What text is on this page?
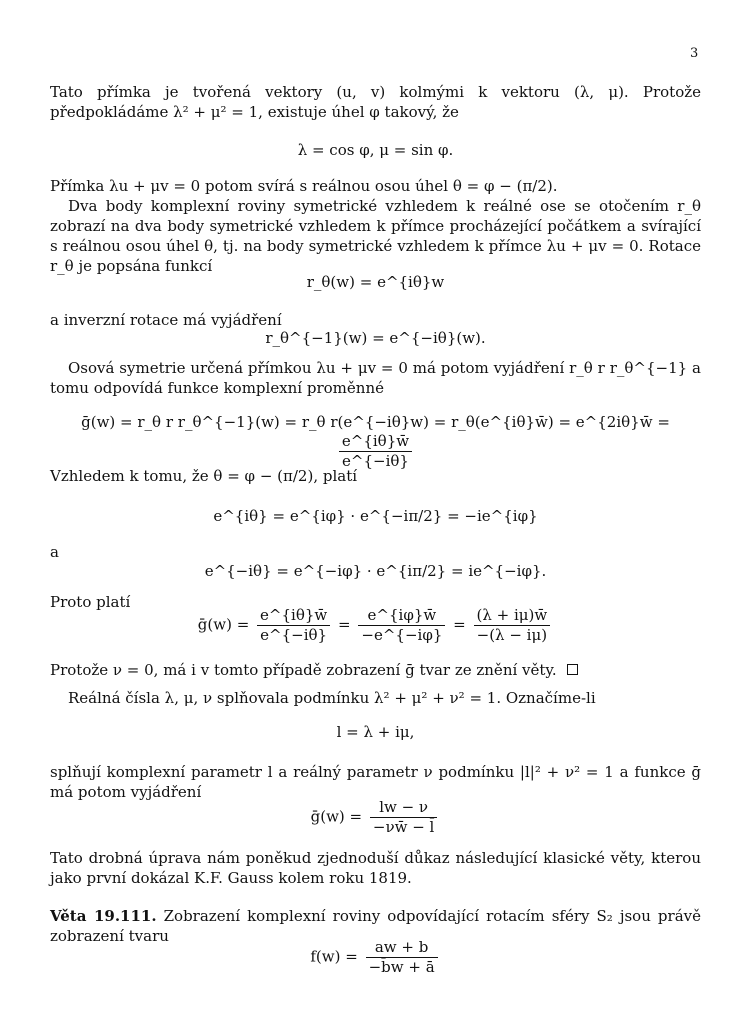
3
Tato přímka je tvořená vektory (u, v) kolmými k vektoru (λ, μ). Protože předpokládáme λ² + μ² = 1, existuje úhel φ takový, že
λ = cos φ, μ = sin φ.
Přímka λu + μv = 0 potom svírá s reálnou osou úhel θ = φ − (π/2).
Dva body komplexní roviny symetrické vzhledem k reálné ose se otočením r_θ zobrazí na dva body symetrické vzhledem k přímce procházející počátkem a svírající s reálnou osou úhel θ, tj. na body symetrické vzhledem k přímce λu + μv = 0. Rotace r_θ je popsána funkcí
r_θ(w) = e^{iθ}w
a inverzní rotace má vyjádření
r_θ^{−1}(w) = e^{−iθ}(w).
Osová symetrie určená přímkou λu + μv = 0 má potom vyjádření r_θ r r_θ^{−1} a tomu odpovídá funkce komplexní proměnné
ḡ(w) = r_θ r r_θ^{−1}(w) = r_θ r(e^{−iθ}w) = r_θ(e^{iθ}w̄) = e^{2iθ}w̄ =
$\frac{e\^{}\{i\theta\}w̄}{e\^{}\{-i\theta\}}$
Vzhledem k tomu, že θ = φ − (π/2), platí
e^{iθ} = e^{iφ} · e^{−iπ/2} = −ie^{iφ}
a
e^{−iθ} = e^{−iφ} · e^{iπ/2} = ie^{−iφ}.
Proto platí
ḡ(w) = $\frac{e\^{}\{i\theta\}w̄}{e\^{}\{-i\theta\}} = \frac{e\^{}\{i\varphi\}w̄}{-e\^{}\{-i\varphi\}} = \frac{(\lambda + i\mu)w̄}{-(\lambda - i\mu)}$
Protože ν = 0, má i v tomto případě zobrazení ḡ tvar ze znění věty.
Reálná čísla λ, μ, ν splňovala podmínku λ² + μ² + ν² = 1. Označíme-li
l = λ + iμ,
splňují komplexní parametr l a reálný parametr ν podmínku |l|² + ν² = 1 a funkce ḡ má potom vyjádření
ḡ(w) = $\frac{lw - \nu}{-\nu w̄ - l̄}$
Tato drobná úprava nám poněkud zjednoduší důkaz následující klasické věty, kterou jako první dokázal K.F. Gauss kolem roku 1819.
Věta 19.111. Zobrazení komplexní roviny odpovídající rotacím sféry S₂ jsou právě zobrazení tvaru
$f(w) = \frac{aw + b}{-b̄w + ā}$
